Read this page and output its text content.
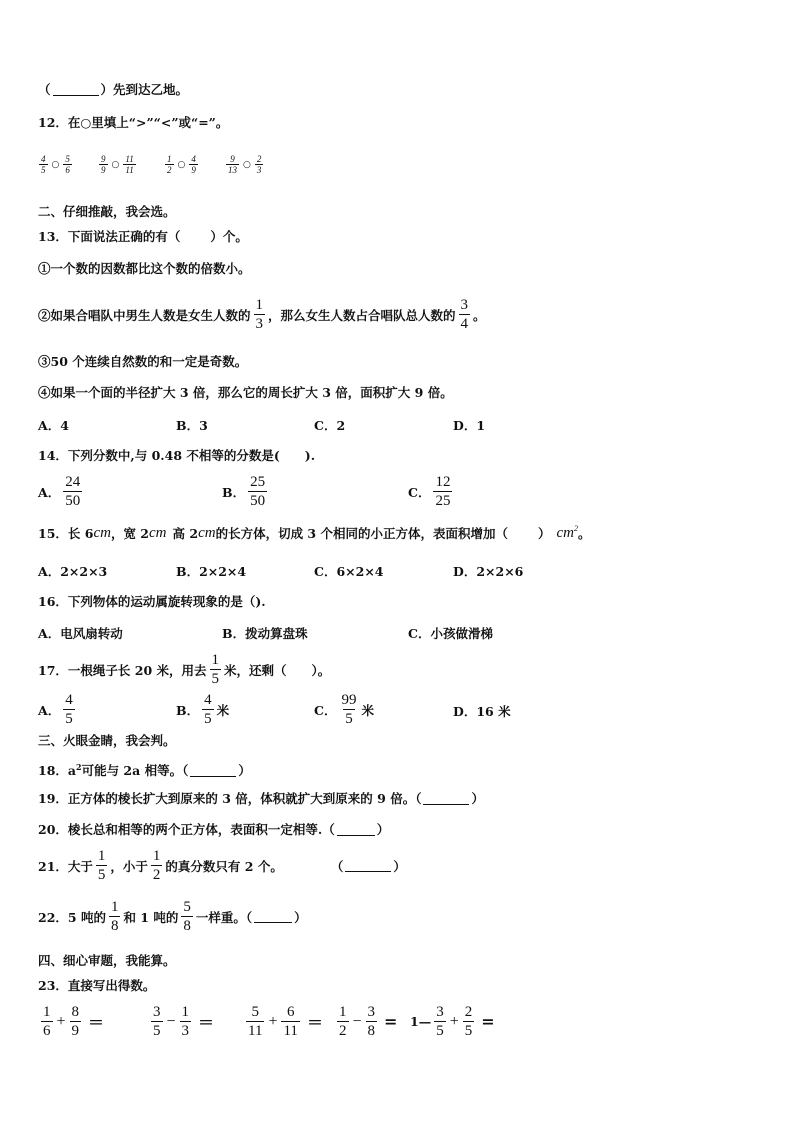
（	）先到达乙地。
12．在○里填上“>”“<”或“=”。
$\frac{4}{5}$ ○ $\frac{5}{6}$	$\frac{9}{9}$ ○ $\frac{11}{11}$	$\frac{1}{2}$ ○ $\frac{4}{9}$	$\frac{9}{13}$ ○ $\frac{2}{3}$
二、仔细推敲，我会选。
13．下面说法正确的有（ ）个。
①一个数的因数都比这个数的倍数小。
②如果合唱队中男生人数是女生人数的 $\frac{1}{3}$ ，那么女生人数占合唱队总人数的 $\frac{3}{4}$ 。
③50 个连续自然数的和一定是奇数。
④如果一个面的半径扩大 3 倍，那么它的周长扩大 3 倍，面积扩大 9 倍。
A．4	B．3	C．2	D．1
14．下列分数中,与 0.48 不相等的分数是(　　).
A． $\frac{24}{50}$	B． $\frac{25}{50}$	C． $\frac{12}{25}$
15．长 6 cm ，宽 2 cm 高 2 cm 的长方体，切成 3 个相同的小正方体，表面积增加（ ） $cm^2$ 。
A．2×2×3	B．2×2×4	C．6×2×4	D．2×2×6
16．下列物体的运动属旋转现象的是（).
A．电风扇转动	B．拨动算盘珠	C．小孩做滑梯
17．一根绳子长 20 米，用去 $\frac{1}{5}$ 米，还剩（　　）。
A． $\frac{4}{5}$	B． $\frac{4}{5}$ 米	C． $\frac{99}{5}$ 米	D． 16 米
三、火眼金睛，我会判。
18．$a^2$可能与 2a 相等。（	）
19．正方体的棱长扩大到原来的 3 倍，体积就扩大到原来的 9 倍。（	）
20．棱长总和相等的两个正方体，表面积一定相等.（	）
21．大于 $\frac{1}{5}$ ，小于 $\frac{1}{2}$ 的真分数只有 2 个。	（	）
22．5 吨的 $\frac{1}{8}$ 和 1 吨的 $\frac{5}{8}$ 一样重。（	）
四、细心审题，我能算。
23．直接写出得数。
$\frac{1}{6} + \frac{8}{9}$ ＝	$\frac{3}{5} - \frac{1}{3} = \frac{5}{11} + \frac{6}{11} = \frac{1}{2} - \frac{3}{8}$ = 1— $\frac{3}{5} + \frac{2}{5}$ =
